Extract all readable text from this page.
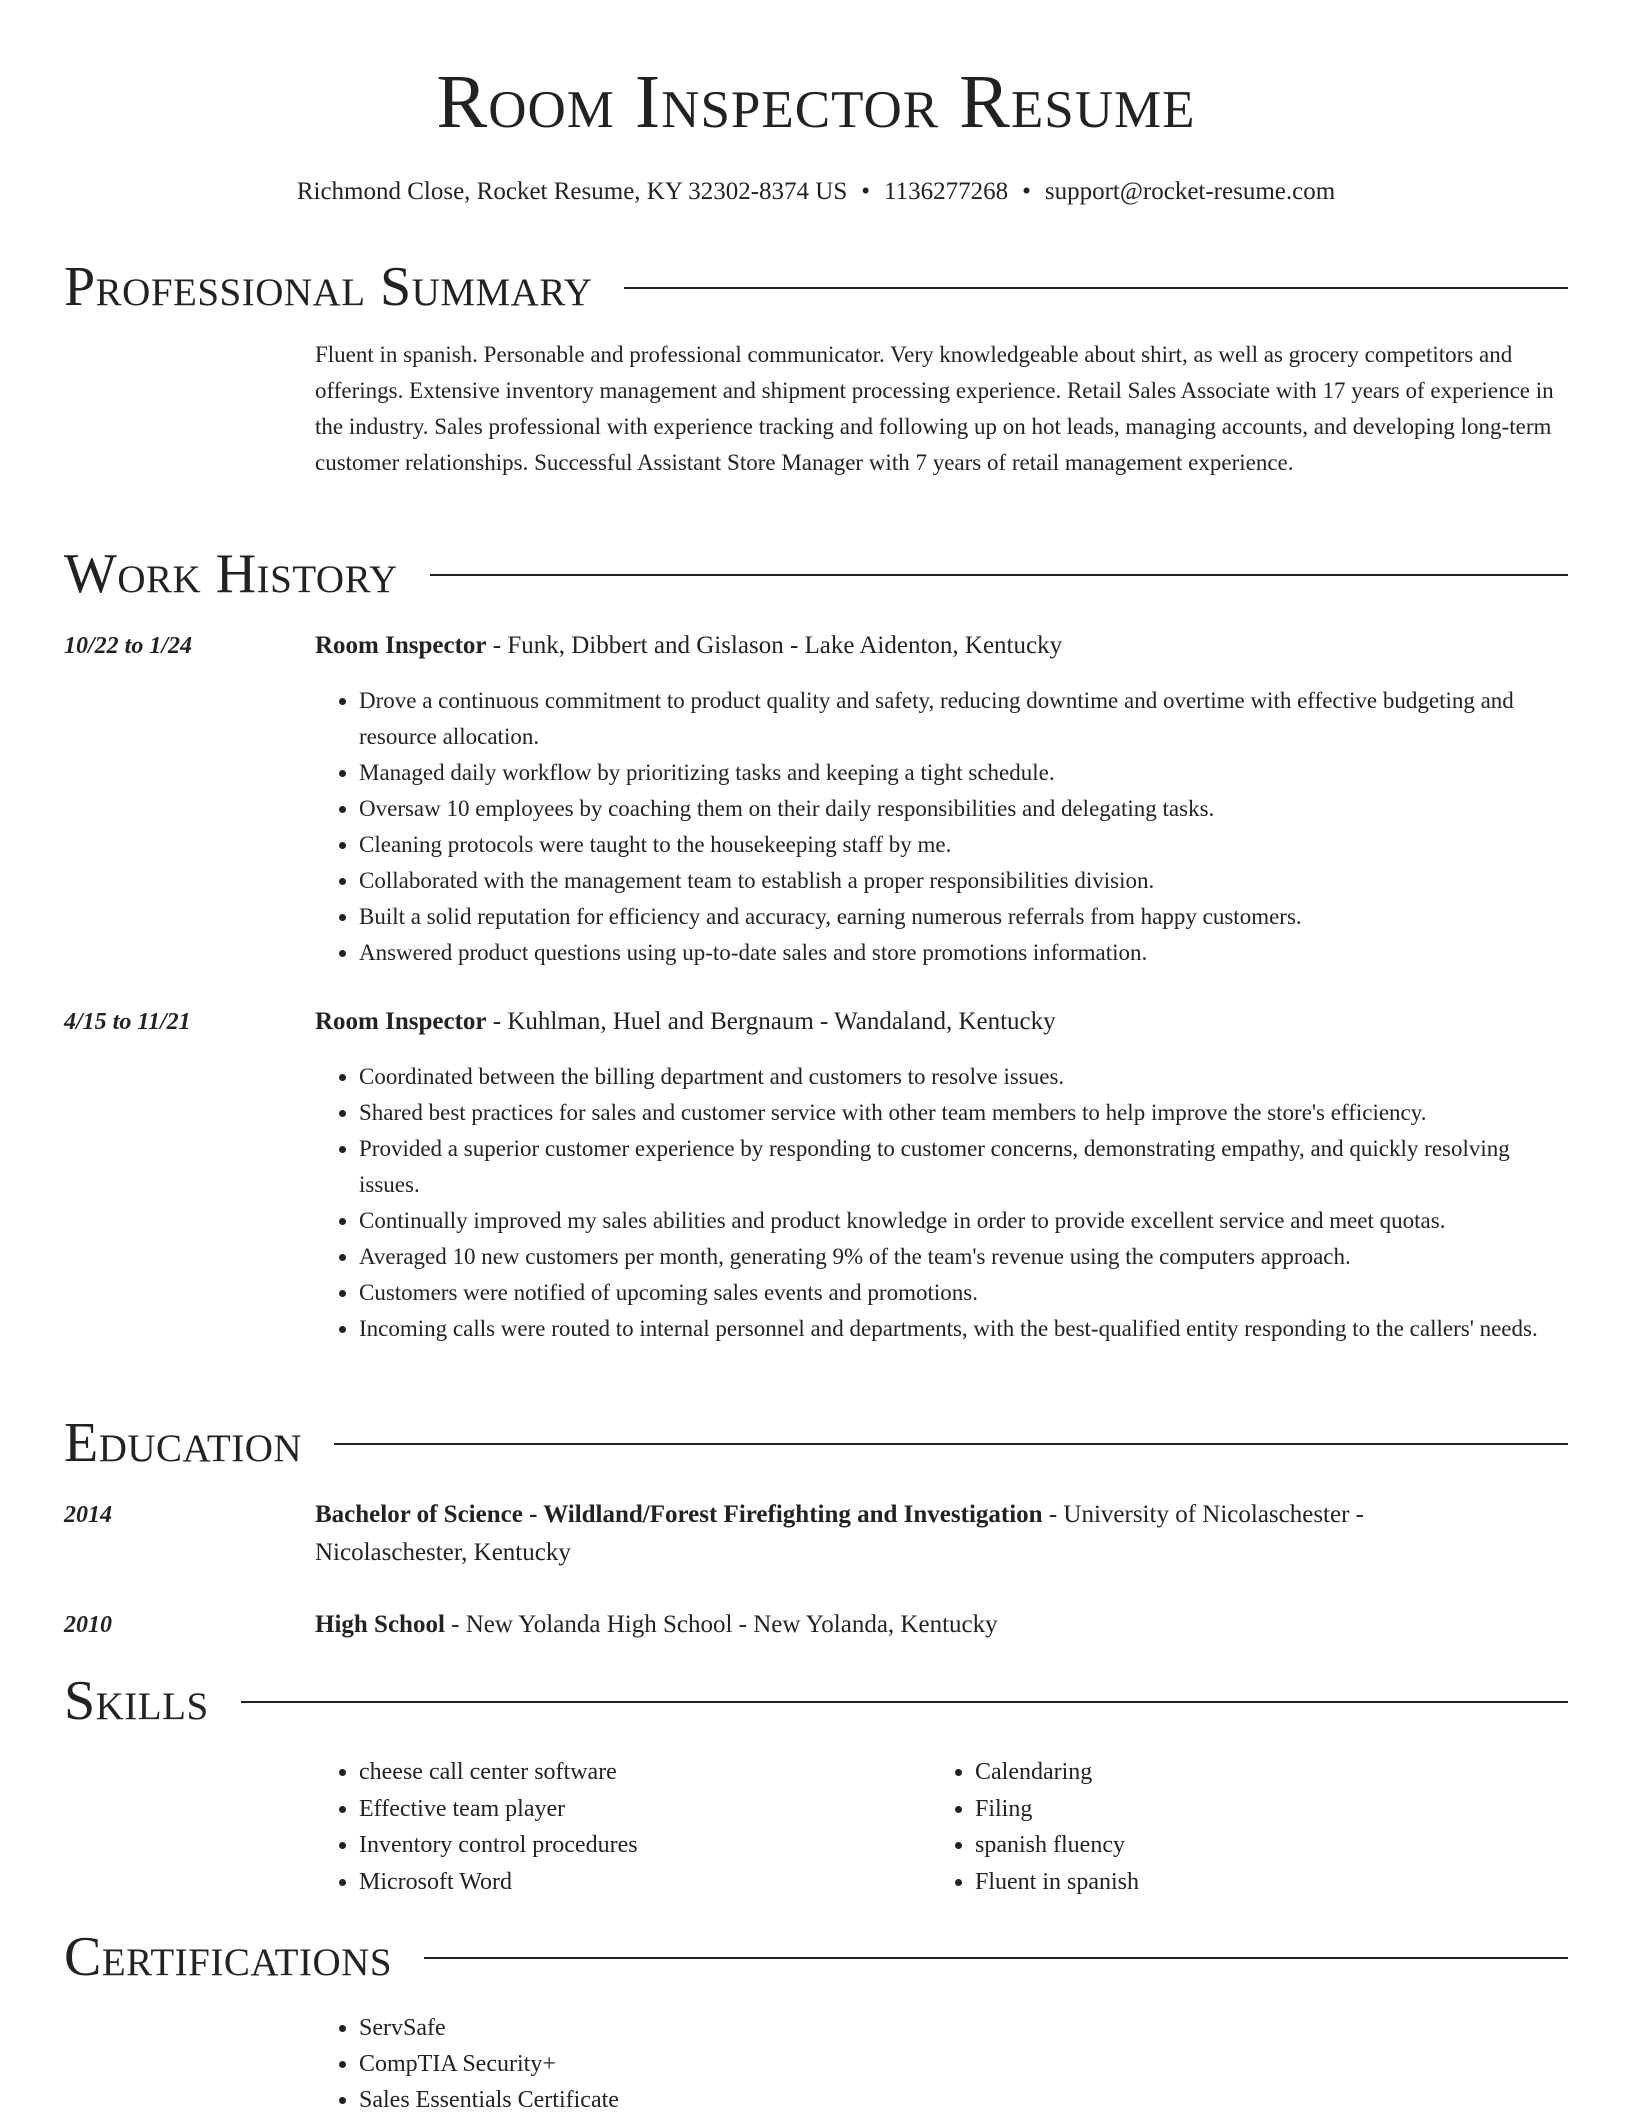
Room Inspector Resume
Richmond Close, Rocket Resume, KY 32302-8374 US • 1136277268 • support@rocket-resume.com
Professional Summary

Fluent in spanish. Personable and professional communicator. Very knowledgeable about shirt, as well as grocery competitors and offerings. Extensive inventory management and shipment processing experience. Retail Sales Associate with 17 years of experience in the industry. Sales professional with experience tracking and following up on hot leads, managing accounts, and developing long-term customer relationships. Successful Assistant Store Manager with 7 years of retail management experience.

Work History
10/22 to 1/24	Room Inspector - Funk, Dibbert and Gislason - Lake Aidenton, Kentucky
• Drove a continuous commitment to product quality and safety, reducing downtime and overtime with effective budgeting and resource allocation.
• Managed daily workflow by prioritizing tasks and keeping a tight schedule.
• Oversaw 10 employees by coaching them on their daily responsibilities and delegating tasks.
• Cleaning protocols were taught to the housekeeping staff by me.
• Collaborated with the management team to establish a proper responsibilities division.
• Built a solid reputation for efficiency and accuracy, earning numerous referrals from happy customers.
• Answered product questions using up-to-date sales and store promotions information.
4/15 to 11/21	Room Inspector - Kuhlman, Huel and Bergnaum - Wandaland, Kentucky
• Coordinated between the billing department and customers to resolve issues.
• Shared best practices for sales and customer service with other team members to help improve the store's efficiency.
• Provided a superior customer experience by responding to customer concerns, demonstrating empathy, and quickly resolving issues.
• Continually improved my sales abilities and product knowledge in order to provide excellent service and meet quotas.
• Averaged 10 new customers per month, generating 9% of the team's revenue using the computers approach.
• Customers were notified of upcoming sales events and promotions.
• Incoming calls were routed to internal personnel and departments, with the best-qualified entity responding to the callers' needs.
Education
2014	Bachelor of Science - Wildland/Forest Firefighting and Investigation - University of Nicolaschester - Nicolaschester, Kentucky
2010	High School - New Yolanda High School - New Yolanda, Kentucky
Skills
• cheese call center software
• Effective team player
• Inventory control procedures
• Microsoft Word
• Calendaring
• Filing
• spanish fluency
• Fluent in spanish
Certifications
• ServSafe
• CompTIA Security+
• Sales Essentials Certificate
